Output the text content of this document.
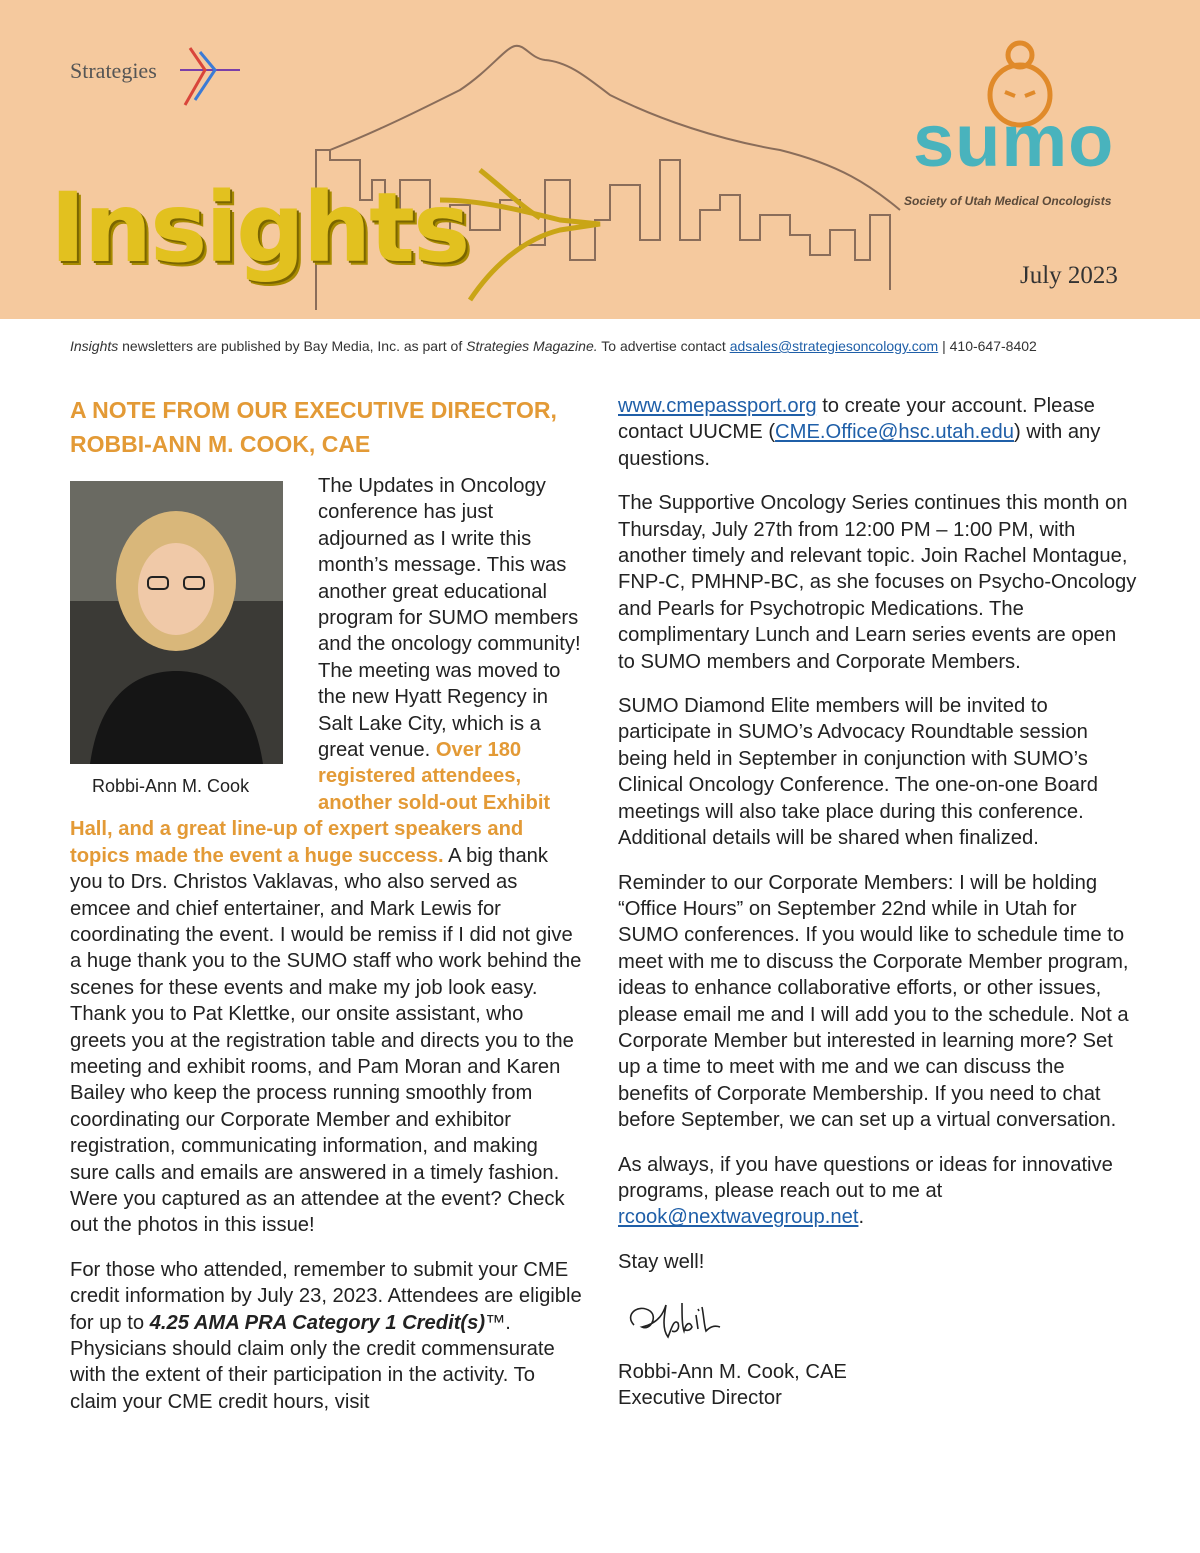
Strategies
Insights
sumo
Society of Utah Medical Oncologists
July 2023
Insights newsletters are published by Bay Media, Inc. as part of Strategies Magazine. To advertise contact adsales@strategiesoncology.com | 410-647-8402
A NOTE FROM OUR EXECUTIVE DIRECTOR, ROBBI-ANN M. COOK, CAE
Robbi-Ann M. Cook

The Updates in Oncology conference has just adjourned as I write this month’s message. This was another great educational program for SUMO members and the oncology community! The meeting was moved to the new Hyatt Regency in Salt Lake City, which is a great venue. Over 180 registered attendees, another sold-out Exhibit Hall, and a great line-up of expert speakers and topics made the event a huge success. A big thank you to Drs. Christos Vaklavas, who also served as emcee and chief entertainer, and Mark Lewis for coordinating the event. I would be remiss if I did not give a huge thank you to the SUMO staff who work behind the scenes for these events and make my job look easy. Thank you to Pat Klettke, our onsite assistant, who greets you at the registration table and directs you to the meeting and exhibit rooms, and Pam Moran and Karen Bailey who keep the process running smoothly from coordinating our Corporate Member and exhibitor registration, communicating information, and making sure calls and emails are answered in a timely fashion. Were you captured as an attendee at the event? Check out the photos in this issue!

For those who attended, remember to submit your CME credit information by July 23, 2023. Attendees are eligible for up to 4.25 AMA PRA Category 1 Credit(s)™. Physicians should claim only the credit commensurate with the extent of their participation in the activity. To claim your CME credit hours, visit

www.cmepassport.org to create your account. Please contact UUCME (CME.Office@hsc.utah.edu) with any questions.

The Supportive Oncology Series continues this month on Thursday, July 27th from 12:00 PM – 1:00 PM, with another timely and relevant topic. Join Rachel Montague, FNP-C, PMHNP-BC, as she focuses on Psycho-Oncology and Pearls for Psychotropic Medications. The complimentary Lunch and Learn series events are open to SUMO members and Corporate Members.

SUMO Diamond Elite members will be invited to participate in SUMO’s Advocacy Roundtable session being held in September in conjunction with SUMO’s Clinical Oncology Conference. The one-on-one Board meetings will also take place during this conference. Additional details will be shared when finalized.

Reminder to our Corporate Members: I will be holding “Office Hours” on September 22nd while in Utah for SUMO conferences. If you would like to schedule time to meet with me to discuss the Corporate Member program, ideas to enhance collaborative efforts, or other issues, please email me and I will add you to the schedule. Not a Corporate Member but interested in learning more? Set up a time to meet with me and we can discuss the benefits of Corporate Membership. If you need to chat before September, we can set up a virtual conversation.

As always, if you have questions or ideas for innovative programs, please reach out to me at rcook@nextwavegroup.net.

Stay well!

Robbi-Ann M. Cook, CAE
Executive Director
